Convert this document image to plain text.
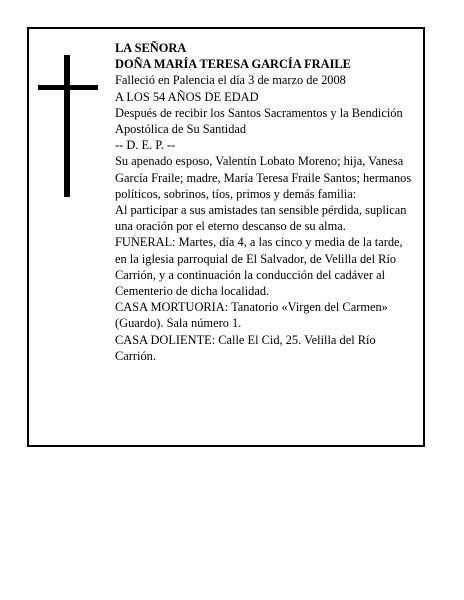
LA SEÑORA

DOÑA MARÍA TERESA GARCÍA FRAILE

Falleció en Palencia el día 3 de marzo de 2008

A LOS 54 AÑOS DE EDAD

Después de recibir los Santos Sacramentos y la Bendición Apostólica de Su Santidad

-- D. E. P. --

Su apenado esposo, Valentín Lobato Moreno; hija, Vanesa García Fraile; madre, María Teresa Fraile Santos; hermanos políticos, sobrinos, tíos, primos y demás familia:

Al participar a sus amistades tan sensible pérdida, suplican una oración por el eterno descanso de su alma.

FUNERAL: Martes, día 4, a las cinco y media de la tarde, en la iglesia parroquial de El Salvador, de Velilla del Río Carrión, y a continuación la conducción del cadáver al Cementerio de dicha localidad.

CASA MORTUORIA: Tanatorio «Virgen del Carmen» (Guardo). Sala número 1.

CASA DOLIENTE: Calle El Cid, 25. Velilla del Río Carrión.
